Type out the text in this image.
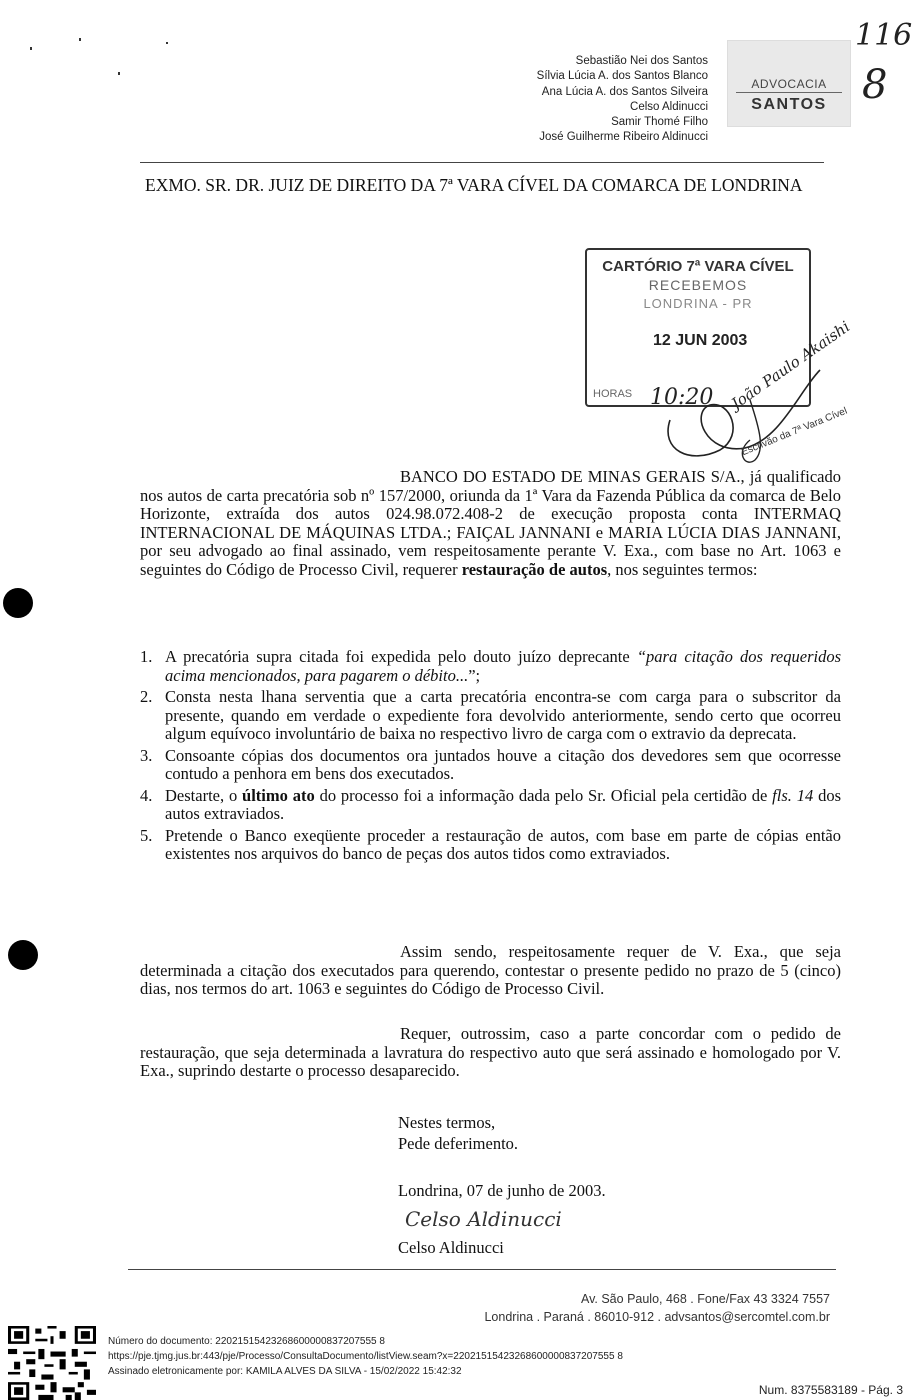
116
8
Sebastião Nei dos Santos
Sílvia Lúcia A. dos Santos Blanco
Ana Lúcia A. dos Santos Silveira
Celso Aldinucci
Samir Thomé Filho
José Guilherme Ribeiro Aldinucci
ADVOCACIA
SANTOS
EXMO. SR. DR. JUIZ DE DIREITO DA 7ª VARA CÍVEL DA COMARCA DE LONDRINA
CARTÓRIO 7ª VARA CÍVEL
RECEBEMOS
LONDRINA - PR
12 JUN 2003
HORAS 10:20 João Paulo Akaishi
Escrivão da 7ª Vara Cível
BANCO DO ESTADO DE MINAS GERAIS S/A., já qualificado nos autos de carta precatória sob nº 157/2000, oriunda da 1ª Vara da Fazenda Pública da comarca de Belo Horizonte, extraída dos autos 024.98.072.408-2 de execução proposta conta INTERMAQ INTERNACIONAL DE MÁQUINAS LTDA.; FAIÇAL JANNANI e MARIA LÚCIA DIAS JANNANI, por seu advogado ao final assinado, vem respeitosamente perante V. Exa., com base no Art. 1063 e seguintes do Código de Processo Civil, requerer restauração de autos, nos seguintes termos:
1. A precatória supra citada foi expedida pelo douto juízo deprecante “para citação dos requeridos acima mencionados, para pagarem o débito...”;
2. Consta nesta lhana serventia que a carta precatória encontra-se com carga para o subscritor da presente, quando em verdade o expediente fora devolvido anteriormente, sendo certo que ocorreu algum equívoco involuntário de baixa no respectivo livro de carga com o extravio da deprecata.
3. Consoante cópias dos documentos ora juntados houve a citação dos devedores sem que ocorresse contudo a penhora em bens dos executados.
4. Destarte, o último ato do processo foi a informação dada pelo Sr. Oficial pela certidão de fls. 14 dos autos extraviados.
5. Pretende o Banco exeqüente proceder a restauração de autos, com base em parte de cópias então existentes nos arquivos do banco de peças dos autos tidos como extraviados.
Assim sendo, respeitosamente requer de V. Exa., que seja determinada a citação dos executados para querendo, contestar o presente pedido no prazo de 5 (cinco) dias, nos termos do art. 1063 e seguintes do Código de Processo Civil.
Requer, outrossim, caso a parte concordar com o pedido de restauração, que seja determinada a lavratura do respectivo auto que será assinado e homologado por V. Exa., suprindo destarte o processo desaparecido.
Nestes termos,
Pede deferimento.
Londrina, 07 de junho de 2003.
Celso Aldinucci
Celso Aldinucci
Av. São Paulo, 468 . Fone/Fax 43 3324 7557
Londrina . Paraná . 86010-912 . advsantos@sercomtel.com.br
Número do documento: 22021515423268600000837207555 8
https://pje.tjmg.jus.br:443/pje/Processo/ConsultaDocumento/listView.seam?x=22021515423268600000837207555 8
Assinado eletronicamente por: KAMILA ALVES DA SILVA - 15/02/2022 15:42:32
Num. 8375583189 - Pág. 3
